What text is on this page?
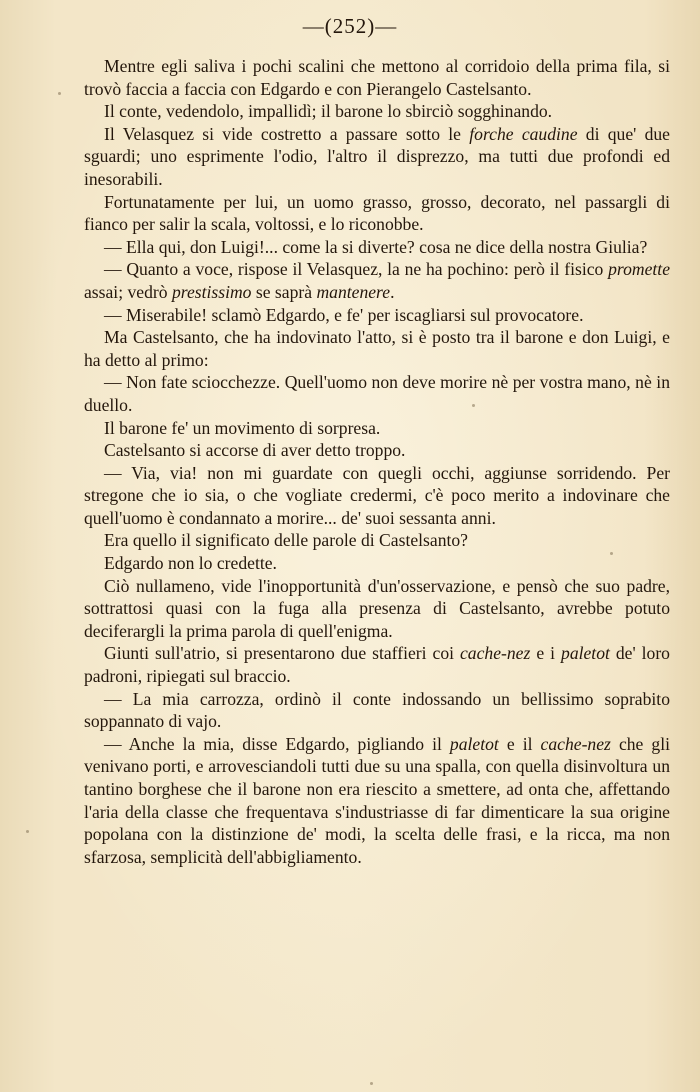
—(252)—

Mentre egli saliva i pochi scalini che mettono al corridoio della prima fila, si trovò faccia a faccia con Edgardo e con Pierangelo Castelsanto.

Il conte, vedendolo, impallidì; il barone lo sbirciò sogghinando.

Il Velasquez si vide costretto a passare sotto le forche caudine di que' due sguardi; uno esprimente l'odio, l'altro il disprezzo, ma tutti due profondi ed inesorabili.

Fortunatamente per lui, un uomo grasso, grosso, decorato, nel passargli di fianco per salir la scala, voltossi, e lo riconobbe.

— Ella qui, don Luigi!... come la si diverte? cosa ne dice della nostra Giulia?

— Quanto a voce, rispose il Velasquez, la ne ha pochino: però il fisico promette assai; vedrò prestissimo se saprà mantenere.

— Miserabile! sclamò Edgardo, e fe' per iscagliarsi sul provocatore.

Ma Castelsanto, che ha indovinato l'atto, si è posto tra il barone e don Luigi, e ha detto al primo:

— Non fate sciocchezze. Quell'uomo non deve morire nè per vostra mano, nè in duello.

Il barone fe' un movimento di sorpresa.

Castelsanto si accorse di aver detto troppo.

— Via, via! non mi guardate con quegli occhi, aggiunse sorridendo. Per stregone che io sia, o che vogliate credermi, c'è poco merito a indovinare che quell'uomo è condannato a morire... de' suoi sessanta anni.

Era quello il significato delle parole di Castelsanto?

Edgardo non lo credette.

Ciò nullameno, vide l'inopportunità d'un'osservazione, e pensò che suo padre, sottrattosi quasi con la fuga alla presenza di Castelsanto, avrebbe potuto deciferargli la prima parola di quell'enigma.

Giunti sull'atrio, si presentarono due staffieri coi cache-nez e i paletot de' loro padroni, ripiegati sul braccio.

— La mia carrozza, ordinò il conte indossando un bellissimo soprabito soppannato di vajo.

— Anche la mia, disse Edgardo, pigliando il paletot e il cache-nez che gli venivano porti, e arrovesciandoli tutti due su una spalla, con quella disinvoltura un tantino borghese che il barone non era riescito a smettere, ad onta che, affettando l'aria della classe che frequentava s'industriasse di far dimenticare la sua origine popolana con la distinzione de' modi, la scelta delle frasi, e la ricca, ma non sfarzosa, semplicità dell'abbigliamento.
